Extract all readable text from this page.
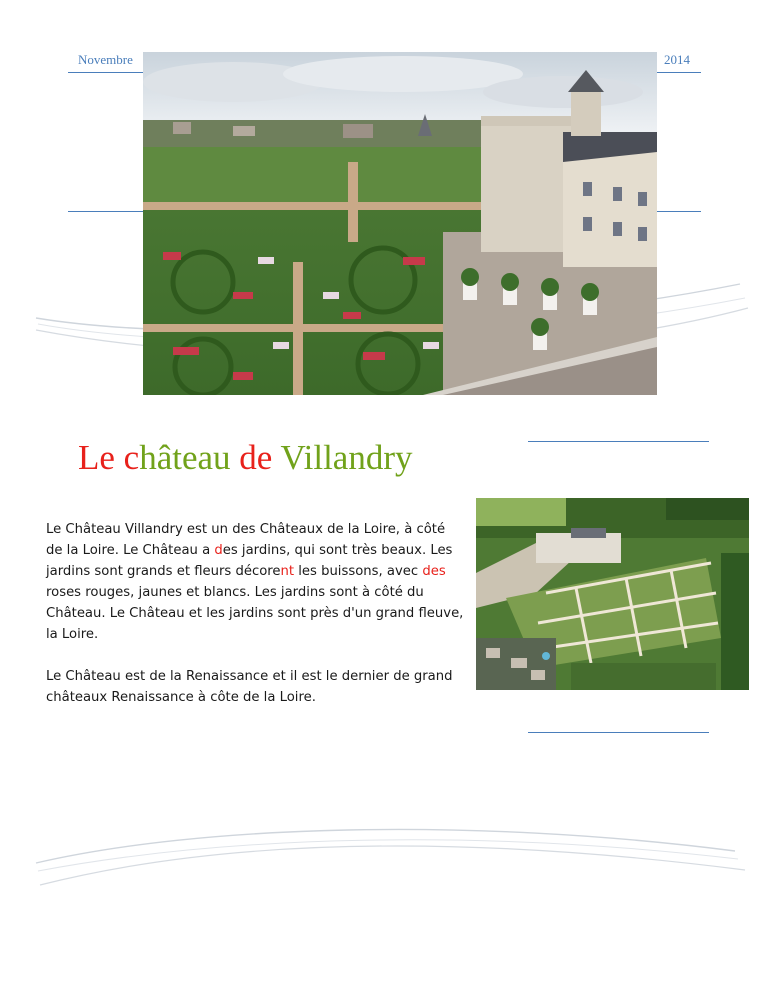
Novembre	2014
Le château de Villandry

Le Château Villandry est un des Châteaux de la Loire, à côté de la Loire. Le Château a des jardins, qui sont très beaux. Les jardins sont grands et fleurs décorent les buissons, avec des roses rouges, jaunes et blancs. Les jardins sont à côté du Château. Le Château et les jardins sont près d'un grand fleuve, la Loire.

Le Château est de la Renaissance et il est le dernier de grand châteaux Renaissance à côte de la Loire.
